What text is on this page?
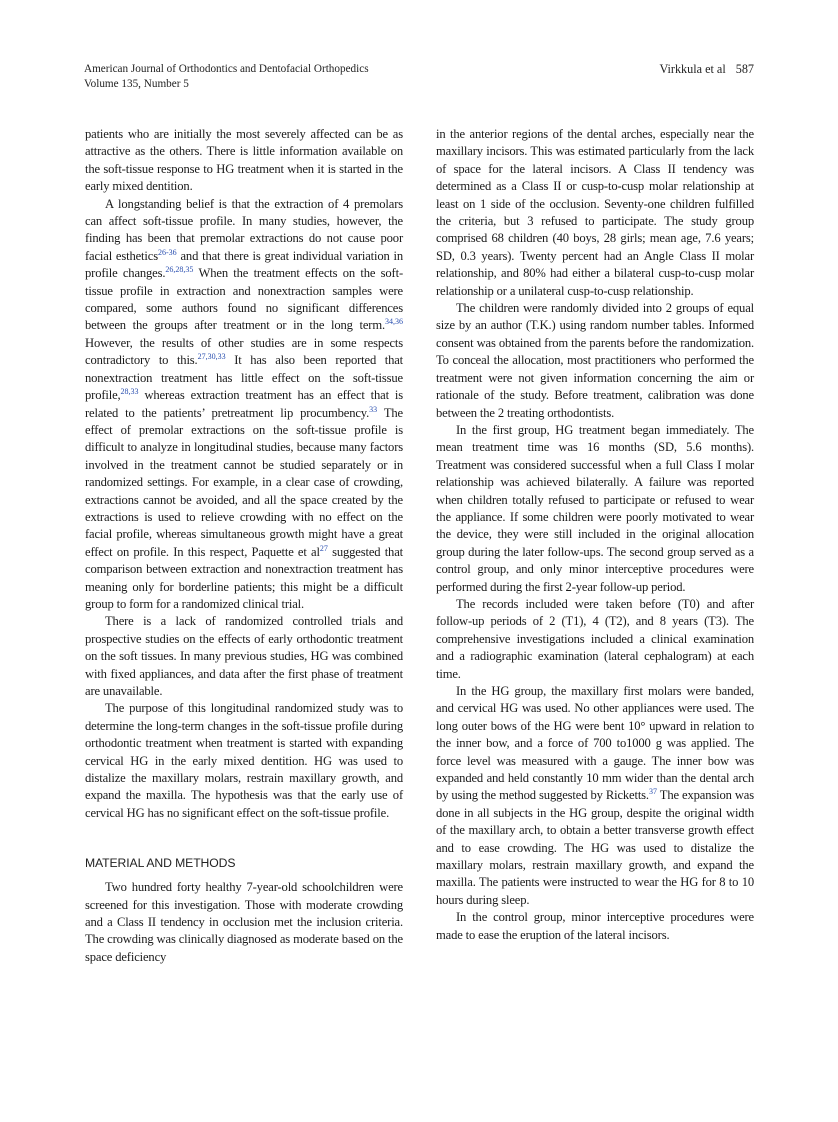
American Journal of Orthodontics and Dentofacial Orthopedics
Volume 135, Number 5
Virkkula et al 587

patients who are initially the most severely affected can be as attractive as the others. There is little information available on the soft-tissue response to HG treatment when it is started in the early mixed dentition.

A longstanding belief is that the extraction of 4 premolars can affect soft-tissue profile. In many studies, however, the finding has been that premolar extractions do not cause poor facial esthetics$^{26-36}$ and that there is great individual variation in profile changes.$^{26,28,35}$ When the treatment effects on the soft-tissue profile in extraction and nonextraction samples were compared, some authors found no significant differences between the groups after treatment or in the long term.$^{34,36}$ However, the results of other studies are in some respects contradictory to this.$^{27,30,33}$ It has also been reported that nonextraction treatment has little effect on the soft-tissue profile,$^{28,33}$ whereas extraction treatment has an effect that is related to the patients’ pretreatment lip procumbency.$^{33}$ The effect of premolar extractions on the soft-tissue profile is difficult to analyze in longitudinal studies, because many factors involved in the treatment cannot be studied separately or in randomized settings. For example, in a clear case of crowding, extractions cannot be avoided, and all the space created by the extractions is used to relieve crowding with no effect on the facial profile, whereas simultaneous growth might have a great effect on profile. In this respect, Paquette et $al^{27}$ suggested that comparison between extraction and nonextraction treatment has meaning only for borderline patients; this might be a difficult group to form for a randomized clinical trial.

There is a lack of randomized controlled trials and prospective studies on the effects of early orthodontic treatment on the soft tissues. In many previous studies, HG was combined with fixed appliances, and data after the first phase of treatment are unavailable.

The purpose of this longitudinal randomized study was to determine the long-term changes in the soft-tissue profile during orthodontic treatment when treatment is started with expanding cervical HG in the early mixed dentition. HG was used to distalize the maxillary molars, restrain maxillary growth, and expand the maxilla. The hypothesis was that the early use of cervical HG has no significant effect on the soft-tissue profile.

MATERIAL AND METHODS

Two hundred forty healthy 7-year-old schoolchildren were screened for this investigation. Those with moderate crowding and a Class II tendency in occlusion met the inclusion criteria. The crowding was clinically diagnosed as moderate based on the space deficiency

in the anterior regions of the dental arches, especially near the maxillary incisors. This was estimated particularly from the lack of space for the lateral incisors. A Class II tendency was determined as a Class II or cusp-to-cusp molar relationship at least on 1 side of the occlusion. Seventy-one children fulfilled the criteria, but 3 refused to participate. The study group comprised 68 children (40 boys, 28 girls; mean age, 7.6 years; SD, 0.3 years). Twenty percent had an Angle Class II molar relationship, and 80% had either a bilateral cusp-to-cusp molar relationship or a unilateral cusp-to-cusp relationship.

The children were randomly divided into 2 groups of equal size by an author (T.K.) using random number tables. Informed consent was obtained from the parents before the randomization. To conceal the allocation, most practitioners who performed the treatment were not given information concerning the aim or rationale of the study. Before treatment, calibration was done between the 2 treating orthodontists.

In the first group, HG treatment began immediately. The mean treatment time was 16 months (SD, 5.6 months). Treatment was considered successful when a full Class I molar relationship was achieved bilaterally. A failure was reported when children totally refused to participate or refused to wear the appliance. If some children were poorly motivated to wear the device, they were still included in the original allocation group during the later follow-ups. The second group served as a control group, and only minor interceptive procedures were performed during the first 2-year follow-up period.

The records included were taken before (T0) and after follow-up periods of 2 (T1), 4 (T2), and 8 years (T3). The comprehensive investigations included a clinical examination and a radiographic examination (lateral cephalogram) at each time.

In the HG group, the maxillary first molars were banded, and cervical HG was used. No other appliances were used. The long outer bows of the HG were bent 10° upward in relation to the inner bow, and a force of 700 to1000 g was applied. The force level was measured with a gauge. The inner bow was expanded and held constantly 10 mm wider than the dental arch by using the method suggested by Ricketts.$^{37}$ The expansion was done in all subjects in the HG group, despite the original width of the maxillary arch, to obtain a better transverse growth effect and to ease crowding. The HG was used to distalize the maxillary molars, restrain maxillary growth, and expand the maxilla. The patients were instructed to wear the HG for 8 to 10 hours during sleep.

In the control group, minor interceptive procedures were made to ease the eruption of the lateral incisors.
